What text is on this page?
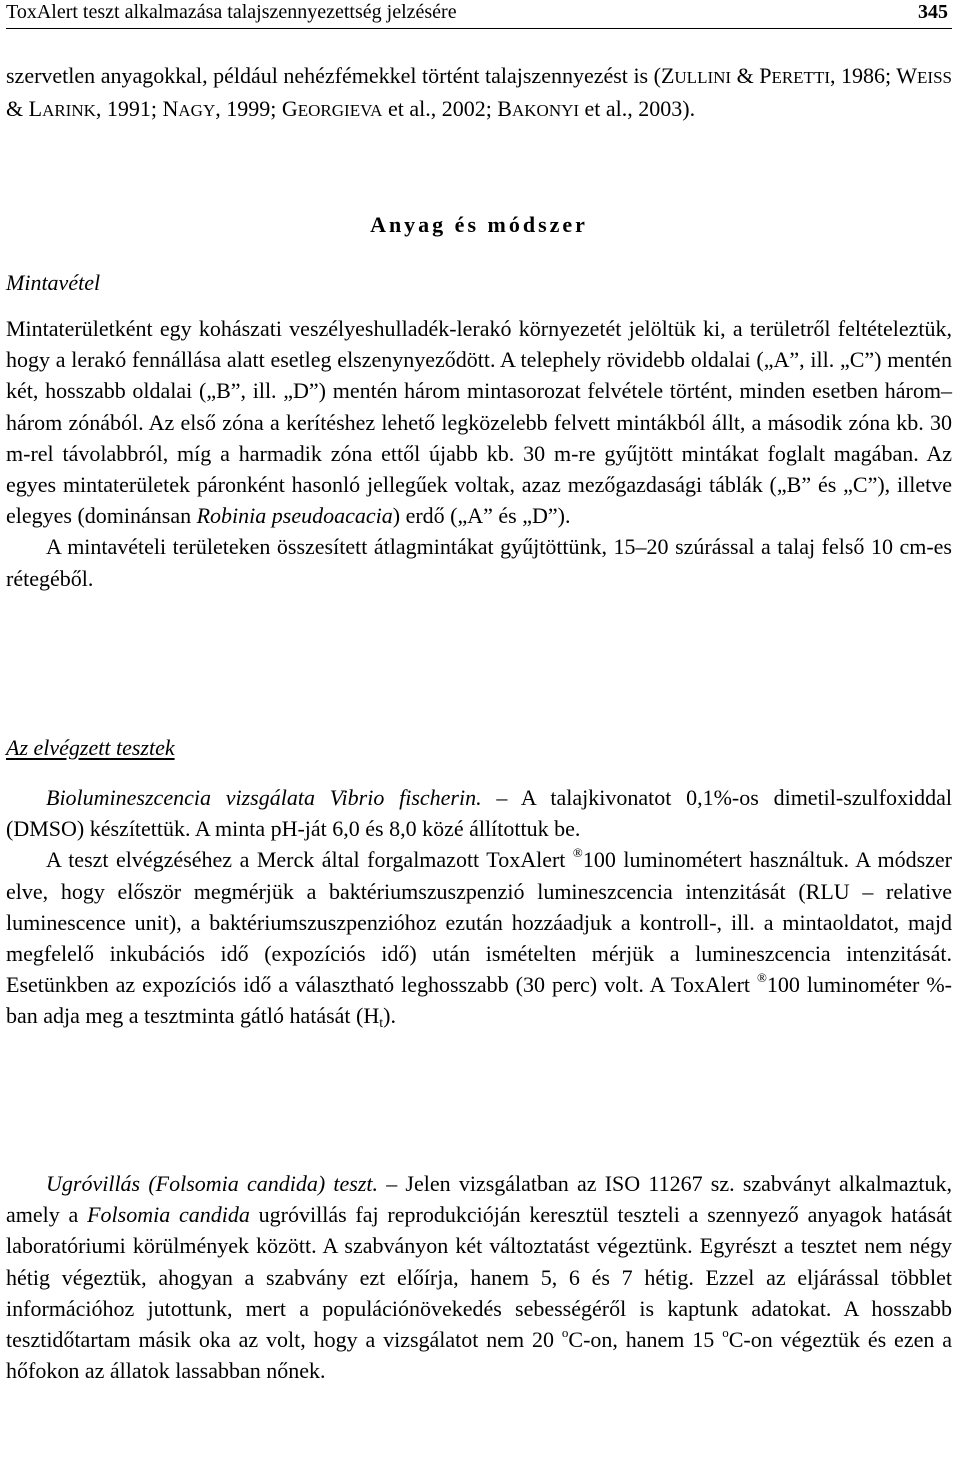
ToxAlert teszt alkalmazása talajszennyezettség jelzésére	345
szervetlen anyagokkal, például nehézfémekkel történt talajszennyezést is (ZULLINI & PERETTI, 1986; WEISS & LARINK, 1991; NAGY, 1999; GEORGIEVA et al., 2002; BAKONYI et al., 2003).
Anyag és módszer
Mintavétel
Mintaterületként egy kohászati veszélyeshulladék-lerakó környezetét jelöltük ki, a területről feltételeztük, hogy a lerakó fennállása alatt esetleg elszenynyeződött. A telephely rövidebb oldalai („A”, ill. „C”) mentén két, hosszabb oldalai („B”, ill. „D”) mentén három mintasorozat felvétele történt, minden esetben három–három zónából. Az első zóna a kerítéshez lehető legközelebb felvett mintákból állt, a második zóna kb. 30 m-rel távolabbról, míg a harmadik zóna ettől újabb kb. 30 m-re gyűjtött mintákat foglalt magában. Az egyes mintaterületek páronként hasonló jellegűek voltak, azaz mezőgazdasági táblák („B” és „C”), illetve elegyes (dominánsan Robinia pseudoacacia) erdő („A” és „D”).
A mintavételi területeken összesített átlagmintákat gyűjtöttünk, 15–20 szúrással a talaj felső 10 cm-es rétegéből.
Az elvégzett tesztek
Biolumineszcencia vizsgálata Vibrio fischerin. – A talajkivonatot 0,1%-os dimetil-szulfoxiddal (DMSO) készítettük. A minta pH-ját 6,0 és 8,0 közé állítottuk be.
A teszt elvégzéséhez a Merck által forgalmazott ToxAlert ®100 luminométert használtuk. A módszer elve, hogy először megmérjük a baktériumszuszpenzió lumineszcencia intenzitását (RLU – relative luminescence unit), a baktériumszuszpenzióhoz ezután hozzáadjuk a kontroll-, ill. a mintaoldatot, majd megfelelő inkubációs idő (expozíciós idő) után ismételten mérjük a lumineszcencia intenzitását. Esetünkben az expozíciós idő a választható leghosszabb (30 perc) volt. A ToxAlert ®100 luminométer %-ban adja meg a tesztminta gátló hatását $(H_t)$.
Ugróvillás (Folsomia candida) teszt. – Jelen vizsgálatban az ISO 11267 sz. szabványt alkalmaztuk, amely a Folsomia candida ugróvillás faj reprodukcióján keresztül teszteli a szennyező anyagok hatását laboratóriumi körülmények között. A szabványon két változtatást végeztünk. Egyrészt a tesztet nem négy hétig végeztük, ahogyan a szabvány ezt előírja, hanem 5, 6 és 7 hétig. Ezzel az eljárással többlet információhoz jutottunk, mert a populációnövekedés sebességéről is kaptunk adatokat. A hosszabb tesztidőtartam másik oka az volt, hogy a vizsgálatot nem 20 $^o$C-on, hanem 15 $^o$C-on végeztük és ezen a hőfokon az állatok lassabban nőnek.
